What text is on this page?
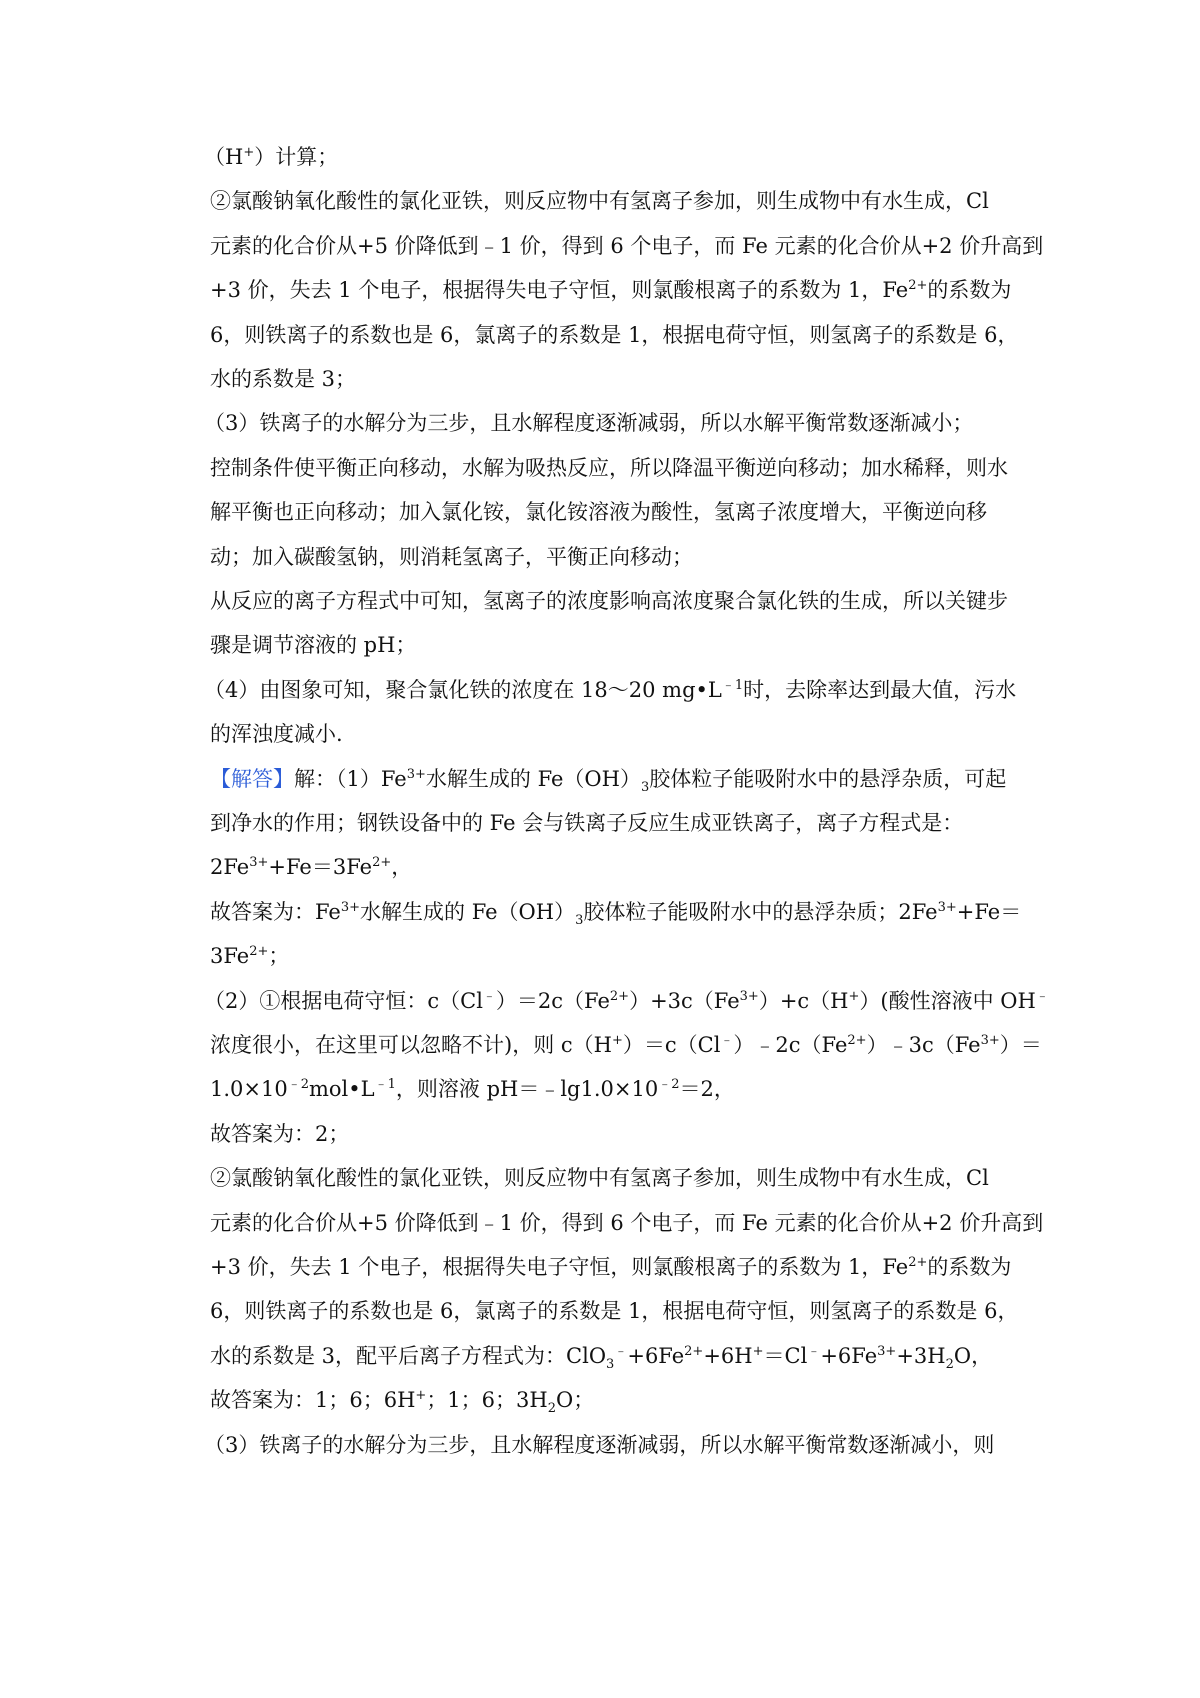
（H+）计算；
②氯酸钠氧化酸性的氯化亚铁，则反应物中有氢离子参加，则生成物中有水生成，Cl
元素的化合价从+5 价降低到﹣1 价，得到 6 个电子，而 Fe 元素的化合价从+2 价升高到
+3 价，失去 1 个电子，根据得失电子守恒，则氯酸根离子的系数为 1，$Fe^{2+}$的系数为
6，则铁离子的系数也是 6，氯离子的系数是 1，根据电荷守恒，则氢离子的系数是 6，
水的系数是 3；
（3）铁离子的水解分为三步，且水解程度逐渐减弱，所以水解平衡常数逐渐减小；
控制条件使平衡正向移动，水解为吸热反应，所以降温平衡逆向移动；加水稀释，则水
解平衡也正向移动；加入氯化铵，氯化铵溶液为酸性，氢离子浓度增大，平衡逆向移
动；加入碳酸氢钠，则消耗氢离子，平衡正向移动；
从反应的离子方程式中可知，氢离子的浓度影响高浓度聚合氯化铁的生成，所以关键步
骤是调节溶液的 pH；
（4）由图象可知，聚合氯化铁的浓度在 18～20 $mg•L^{﹣1}$时，去除率达到最大值，污水
的浑浊度减小.
【解答】解：$(1)Fe^{3+}$水解生成的 $Fe(OH)_3$胶体粒子能吸附水中的悬浮杂质，可起
到净水的作用；钢铁设备中的 Fe 会与铁离子反应生成亚铁离子，离子方程式是：
$2Fe^{3+}+Fe=3Fe^{2+}$，
故答案为：$Fe^{3+}$水解生成的 $Fe(OH)_3$胶体粒子能吸附水中的悬浮杂质；$2Fe^{3+}+Fe=$
$3Fe^{2+}$；
（2）①根据电荷守恒：$c(Cl^﹣)=2c(Fe^{2+})+3c(Fe^{3+})+c(H^+)$(酸性溶液中 OH﹣
浓度很小，在这里可以忽略不计)，则 $c(H^+)=c(Cl^﹣)﹣2c(Fe^{2+})﹣3c(Fe^{3+})=$
$1.0\times 10^{﹣2}mol•L^{﹣1}$，则溶液 $pH=﹣\lg 1.0\times 10^{﹣2}=2$，
故答案为：2；
②氯酸钠氧化酸性的氯化亚铁，则反应物中有氢离子参加，则生成物中有水生成，Cl
元素的化合价从+5 价降低到﹣1 价，得到 6 个电子，而 Fe 元素的化合价从+2 价升高到
+3 价，失去 1 个电子，根据得失电子守恒，则氯酸根离子的系数为 1，$Fe^{2+}$的系数为
6，则铁离子的系数也是 6，氯离子的系数是 1，根据电荷守恒，则氢离子的系数是 6，
水的系数是 3，配平后离子方程式为：$ClO_3^﹣+6Fe^{2+}+6H^+=Cl^﹣+6Fe^{3+}+3H_2O$，
故答案为：1；6；6H+；1；6；$3H_2O$；
（3）铁离子的水解分为三步，且水解程度逐渐减弱，所以水解平衡常数逐渐减小，则
